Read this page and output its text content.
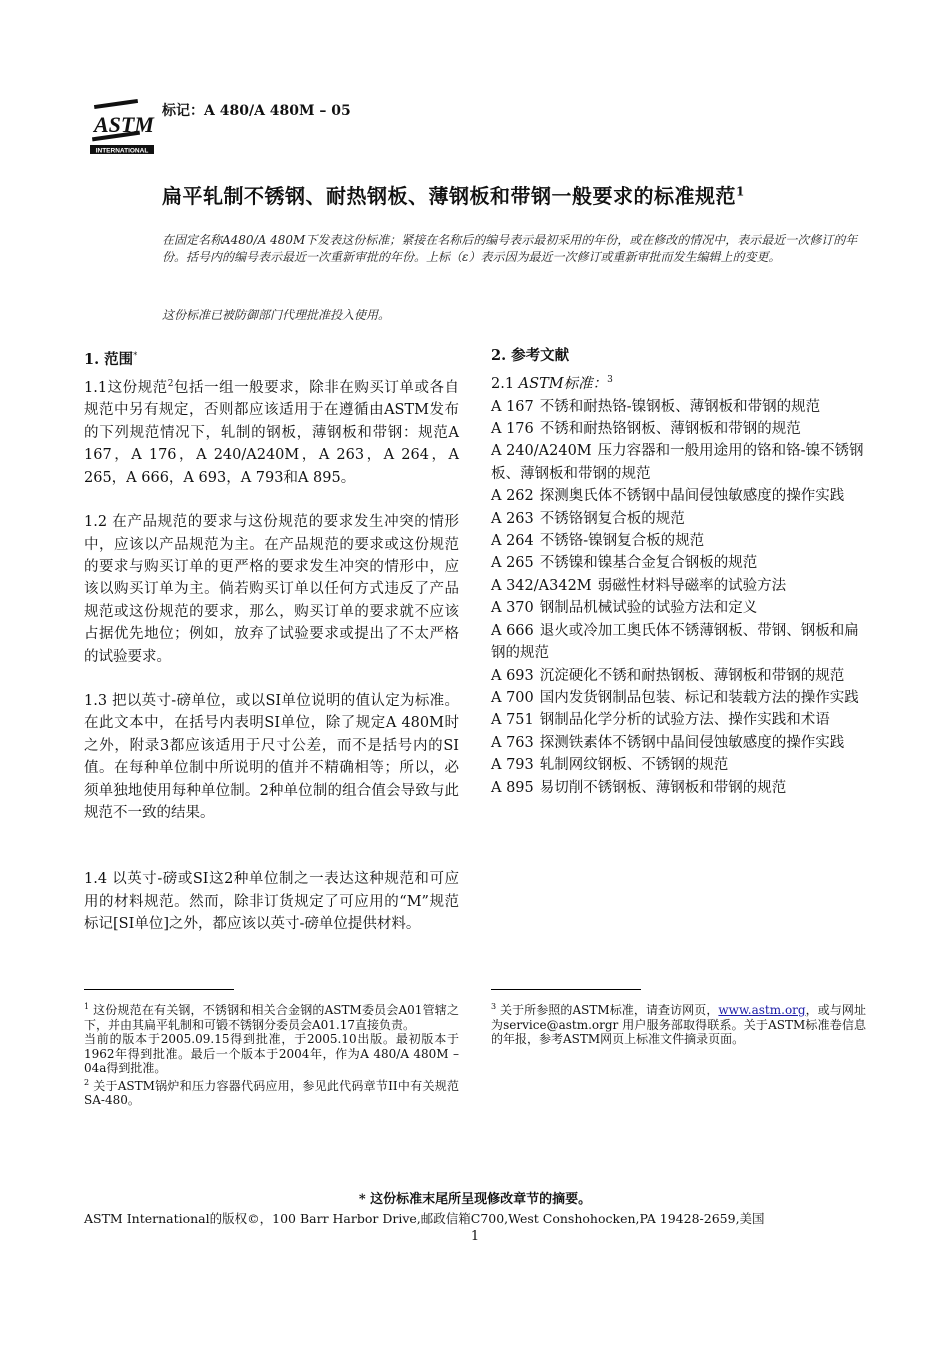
ASTM
INTERNATIONAL
标记：A 480/A 480M – 05
扁平轧制不锈钢、耐热钢板、薄钢板和带钢一般要求的标准规范$^1$
在固定名称A480/A 480M下发表这份标准；紧接在名称后的编号表示最初采用的年份，或在修改的情况中，表示最近一次修订的年份。括号内的编号表示最近一次重新审批的年份。上标（ε）表示因为最近一次修订或重新审批而发生编辑上的变更。
这份标准已被防御部门代理批准投入使用。
1. 范围*

1.1这份规范$^2$包括一组一般要求，除非在购买订单或各自规范中另有规定，否则都应该适用于在遵循由ASTM发布的下列规范情况下，轧制的钢板，薄钢板和带钢：规范A 167，A 176，A 240/A240M，A 263，A 264，A 265，A 666，A 693，A 793和A 895。

1.2 在产品规范的要求与这份规范的要求发生冲突的情形中，应该以产品规范为主。在产品规范的要求或这份规范的要求与购买订单的更严格的要求发生冲突的情形中，应该以购买订单为主。倘若购买订单以任何方式违反了产品规范或这份规范的要求，那么，购买订单的要求就不应该占据优先地位；例如，放弃了试验要求或提出了不太严格的试验要求。

1.3 把以英寸-磅单位，或以SI单位说明的值认定为标准。在此文本中，在括号内表明SI单位，除了规定A 480M时之外，附录3都应该适用于尺寸公差，而不是括号内的SI值。在每种单位制中所说明的值并不精确相等；所以，必须单独地使用每种单位制。2种单位制的组合值会导致与此规范不一致的结果。

1.4 以英寸-磅或SI这2种单位制之一表达这种规范和可应用的材料规范。然而，除非订货规定了可应用的“M”规范标记[SI单位]之外，都应该以英寸-磅单位提供材料。

2. 参考文献
2.1 ASTM标准：$^3$
A 167 不锈和耐热铬-镍钢板、薄钢板和带钢的规范
A 176 不锈和耐热铬钢板、薄钢板和带钢的规范
A 240/A240M 压力容器和一般用途用的铬和铬-镍不锈钢板、薄钢板和带钢的规范
A 262 探测奥氏体不锈钢中晶间侵蚀敏感度的操作实践
A 263 不锈铬钢复合板的规范
A 264 不锈铬-镍钢复合板的规范
A 265 不锈镍和镍基合金复合钢板的规范
A 342/A342M 弱磁性材料导磁率的试验方法
A 370 钢制品机械试验的试验方法和定义
A 666 退火或冷加工奥氏体不锈薄钢板、带钢、钢板和扁钢的规范
A 693 沉淀硬化不锈和耐热钢板、薄钢板和带钢的规范
A 700 国内发货钢制品包装、标记和装载方法的操作实践
A 751 钢制品化学分析的试验方法、操作实践和术语
A 763 探测铁素体不锈钢中晶间侵蚀敏感度的操作实践
A 793 轧制网纹钢板、不锈钢的规范
A 895 易切削不锈钢板、薄钢板和带钢的规范
$^1$ 这份规范在有关钢，不锈钢和相关合金钢的ASTM委员会A01管辖之下，并由其扁平轧制和可锻不锈钢分委员会A01.17直接负责。
当前的版本于2005.09.15得到批准，于2005.10出版。最初版本于1962年得到批准。最后一个版本于2004年，作为A 480/A 480M – 04a得到批准。
$^2$ 关于ASTM锅炉和压力容器代码应用，参见此代码章节II中有关规范SA-480。
$^3$ 关于所参照的ASTM标准，请查访网页，www.astm.org，或与网址为service@astm.orgr 用户服务部取得联系。关于ASTM标准卷信息的年报，参考ASTM网页上标准文件摘录页面。
* 这份标准末尾所呈现修改章节的摘要。
ASTM International的版权©，100 Barr Harbor Drive,邮政信箱C700,West Conshohocken,PA 19428-2659,美国
1
